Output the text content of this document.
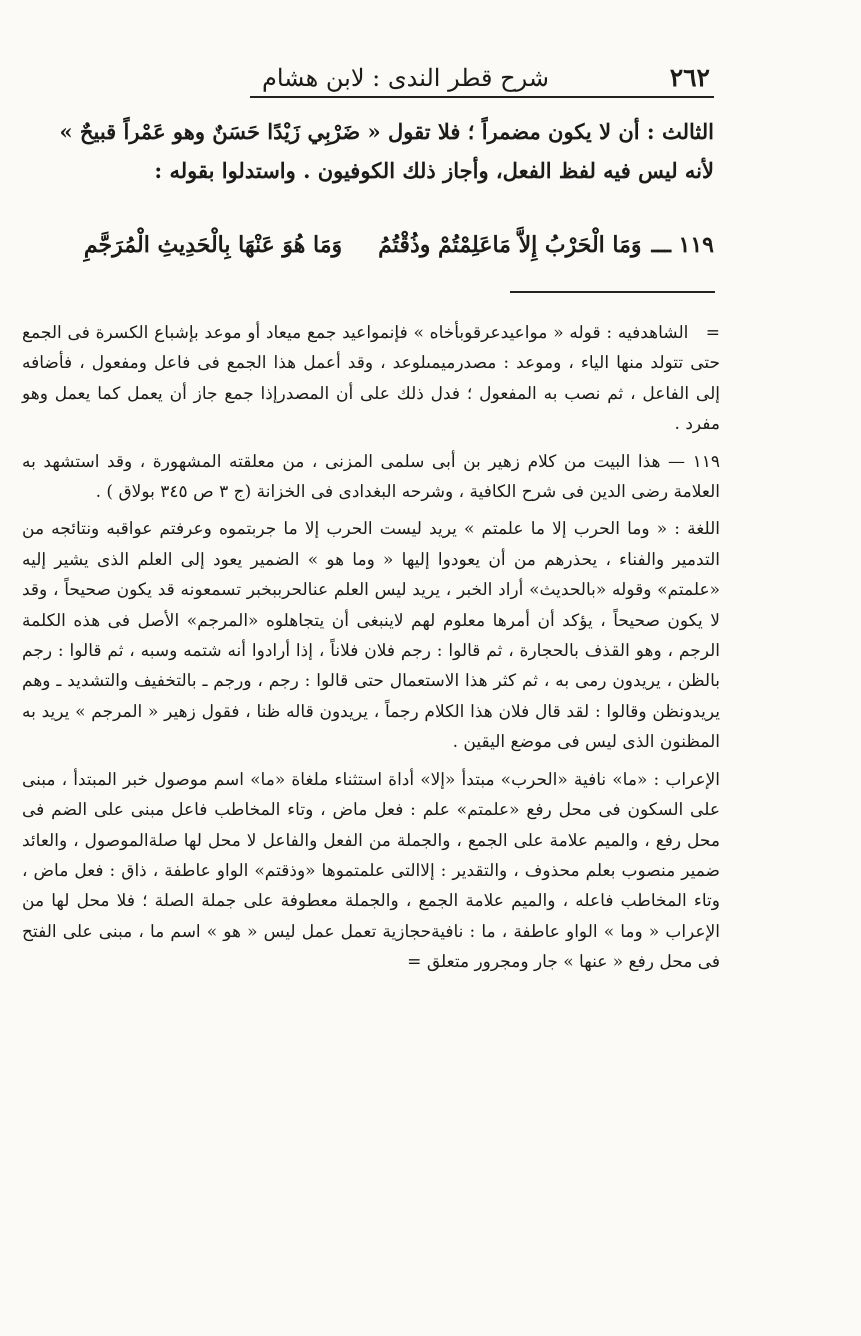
٢٦٢
شرح قطر الندى : لابن هشام

الثالث : أن لا يكون مضمراً ؛ فلا تقول « ضَرْبِي زَيْدًا حَسَنٌ وهو عَمْراً قبيحٌ »

لأنه ليس فيه لفظ الفعل، وأجاز ذلك الكوفيون . واستدلوا بقوله :

١١٩ ـــ
وَمَا الْحَرْبُ إِلاَّ مَاعَلِمْتُمْ وذُقْتُمُ
وَمَا هُوَ عَنْهَا بِالْحَدِيثِ الْمُرَجَّمِ

=   الشاهدفيه : قوله « مواعيدعرقوبأخاه » فإنمواعيد جمع ميعاد أو موعد بإشباع الكسرة فى الجمع حتى تتولد منها الياء ، وموعد : مصدرميمىلوعد ، وقد أعمل هذا الجمع فى فاعل ومفعول ، فأضافه إلى الفاعل ، ثم نصب به المفعول ؛ فدل ذلك على أن المصدرإذا جمع جاز أن يعمل كما يعمل وهو مفرد .

١١٩ — هذا البيت من كلام زهير بن أبى سلمى المزنى ، من معلقته المشهورة ، وقد استشهد به العلامة رضى الدين فى شرح الكافية ، وشرحه البغدادى فى الخزانة (ج ٣ ص ٣٤٥ بولاق ) .

اللغة : « وما الحرب إلا ما علمتم » يريد ليست الحرب إلا ما جربتموه وعرفتم عواقبه ونتائجه من التدمير والفناء ، يحذرهم من أن يعودوا إليها « وما هو » الضمير يعود إلى العلم الذى يشير إليه «علمتم» وقوله «بالحديث» أراد الخبر ، يريد ليس العلم عنالحرببخبر تسمعونه قد يكون صحيحاً ، وقد لا يكون صحيحاً ، يؤكد أن أمرها معلوم لهم لاينبغى أن يتجاهلوه «المرجم» الأصل فى هذه الكلمة الرجم ، وهو القذف بالحجارة ، ثم قالوا : رجم فلان فلاناً ، إذا أرادوا أنه شتمه وسبه ، ثم قالوا : رجم بالظن ، يريدون رمى به ، ثم كثر هذا الاستعمال حتى قالوا : رجم ، ورجم ـ بالتخفيف والتشديد ـ وهم يريدونظن وقالوا : لقد قال فلان هذا الكلام رجماً ، يريدون قاله ظنا ، فقول زهير « المرجم » يريد به المظنون الذى ليس فى موضع اليقين .

الإعراب : «ما» نافية «الحرب» مبتدأ «إلا» أداة استثناء ملغاة «ما» اسم موصول خبر المبتدأ ، مبنى على السكون فى محل رفع «علمتم» علم : فعل ماض ، وتاء المخاطب فاعل مبنى على الضم فى محل رفع ، والميم علامة على الجمع ، والجملة من الفعل والفاعل لا محل لها صلةالموصول ، والعائد ضمير منصوب بعلم محذوف ، والتقدير : إلاالتى علمتموها «وذقتم» الواو عاطفة ، ذاق : فعل ماض ، وتاء المخاطب فاعله ، والميم علامة الجمع ، والجملة معطوفة على جملة الصلة ؛ فلا محل لها من الإعراب « وما » الواو عاطفة ، ما : نافيةحجازية تعمل عمل ليس « هو » اسم ما ، مبنى على الفتح فى محل رفع « عنها » جار ومجرور متعلق =
